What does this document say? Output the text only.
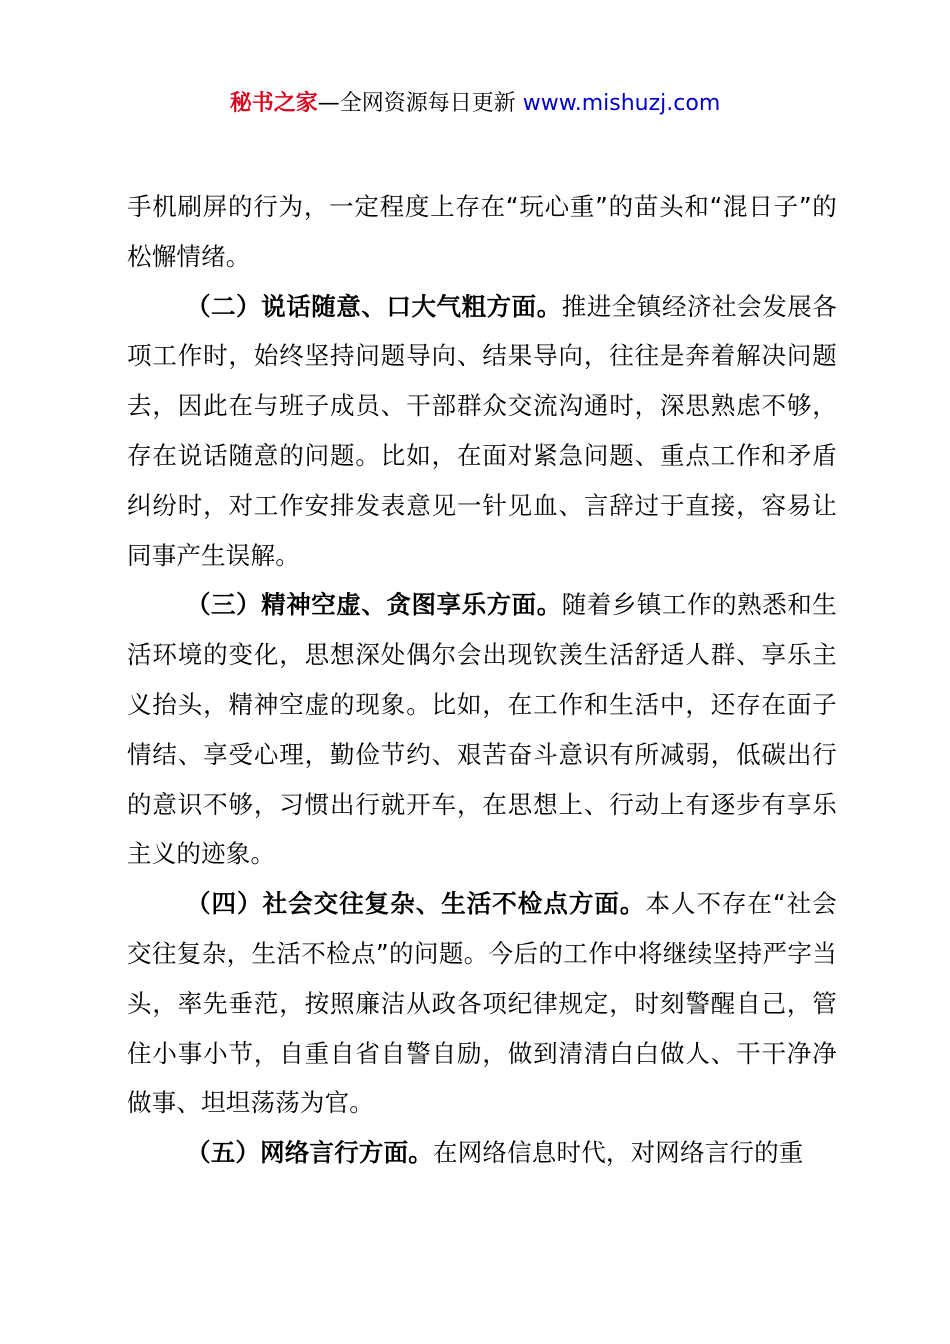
秘书之家—全网资源每日更新 www.mishuzj.com

手机刷屏的行为，一定程度上存在“玩心重”的苗头和“混日子”的松懈情绪。

（二）说话随意、口大气粗方面。推进全镇经济社会发展各项工作时，始终坚持问题导向、结果导向，往往是奔着解决问题去，因此在与班子成员、干部群众交流沟通时，深思熟虑不够，存在说话随意的问题。比如，在面对紧急问题、重点工作和矛盾纠纷时，对工作安排发表意见一针见血、言辞过于直接，容易让同事产生误解。

（三）精神空虚、贪图享乐方面。随着乡镇工作的熟悉和生活环境的变化，思想深处偶尔会出现钦羡生活舒适人群、享乐主义抬头，精神空虚的现象。比如，在工作和生活中，还存在面子情结、享受心理，勤俭节约、艰苦奋斗意识有所减弱，低碳出行的意识不够，习惯出行就开车，在思想上、行动上有逐步有享乐主义的迹象。

（四）社会交往复杂、生活不检点方面。本人不存在“社会交往复杂，生活不检点”的问题。今后的工作中将继续坚持严字当头，率先垂范，按照廉洁从政各项纪律规定，时刻警醒自己，管住小事小节，自重自省自警自励，做到清清白白做人、干干净净做事、坦坦荡荡为官。

（五）网络言行方面。在网络信息时代，对网络言行的重
